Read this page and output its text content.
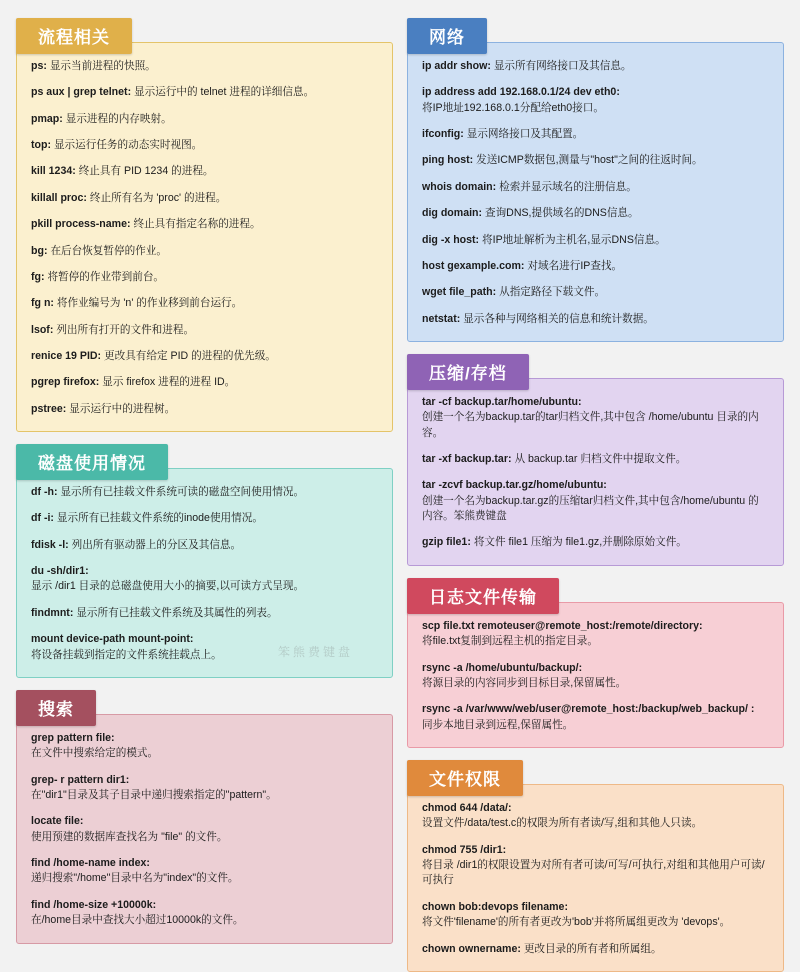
流程相关

ps: 显示当前进程的快照。

ps aux | grep telnet: 显示运行中的 telnet 进程的详细信息。

pmap: 显示进程的内存映射。

top: 显示运行任务的动态实时视图。

kill 1234: 终止具有 PID 1234 的进程。

killall proc: 终止所有名为 'proc' 的进程。

pkill process-name: 终止具有指定名称的进程。

bg: 在后台恢复暂停的作业。

fg: 将暂停的作业带到前台。

fg n: 将作业编号为 'n' 的作业移到前台运行。

lsof: 列出所有打开的文件和进程。

renice 19 PID: 更改具有给定 PID 的进程的优先级。

pgrep firefox: 显示 firefox 进程的进程 ID。

pstree: 显示运行中的进程树。

磁盘使用情况
笨熊费键盘

df -h: 显示所有已挂载文件系统可读的磁盘空间使用情况。

df -i: 显示所有已挂载文件系统的inode使用情况。

fdisk -l: 列出所有驱动器上的分区及其信息。

du -sh/dir1:
显示 /dir1 目录的总磁盘使用大小的摘要,以可读方式呈现。

findmnt: 显示所有已挂载文件系统及其属性的列表。

mount device-path mount-point:
将设备挂载到指定的文件系统挂载点上。

搜索

grep pattern file:
在文件中搜索给定的模式。

grep- r pattern dir1:
在"dir1"目录及其子目录中递归搜索指定的"pattern"。

locate file:
使用预建的数据库查找名为 "file" 的文件。

find /home-name index:
递归搜索"/home"目录中名为"index"的文件。

find /home-size +10000k:
在/home目录中查找大小超过10000k的文件。

网络

ip addr show: 显示所有网络接口及其信息。

ip address add 192.168.0.1/24 dev eth0:
将IP地址192.168.0.1分配给eth0接口。

ifconfig: 显示网络接口及其配置。

ping host: 发送ICMP数据包,测量与"host"之间的往返时间。

whois domain: 检索并显示域名的注册信息。

dig domain: 查询DNS,提供域名的DNS信息。

dig -x host: 将IP地址解析为主机名,显示DNS信息。

host gexample.com: 对域名进行IP查找。

wget file_path: 从指定路径下载文件。

netstat: 显示各种与网络相关的信息和统计数据。

压缩/存档

tar -cf backup.tar/home/ubuntu:
创建一个名为backup.tar的tar归档文件,其中包含 /home/ubuntu 目录的内容。

tar -xf backup.tar: 从 backup.tar 归档文件中提取文件。

tar -zcvf backup.tar.gz/home/ubuntu:
创建一个名为backup.tar.gz的压缩tar归档文件,其中包含/home/ubuntu 的内容。笨熊费键盘

gzip file1: 将文件 file1 压缩为 file1.gz,并删除原始文件。

日志文件传输

scp file.txt remoteuser@remote_host:/remote/directory:
将file.txt复制到远程主机的指定目录。

rsync -a /home/ubuntu/backup/:
将源目录的内容同步到目标目录,保留属性。

rsync -a /var/www/web/user@remote_host:/backup/web_backup/ :
同步本地目录到远程,保留属性。

文件权限

chmod 644 /data/:
设置文件/data/test.c的权限为所有者读/写,组和其他人只读。

chmod 755 /dir1:
将目录 /dir1的权限设置为对所有者可读/可写/可执行,对组和其他用户可读/可执行

chown bob:devops filename:
将文件'filename'的所有者更改为'bob'并将所属组更改为 'devops'。

chown ownername: 更改目录的所有者和所属组。
